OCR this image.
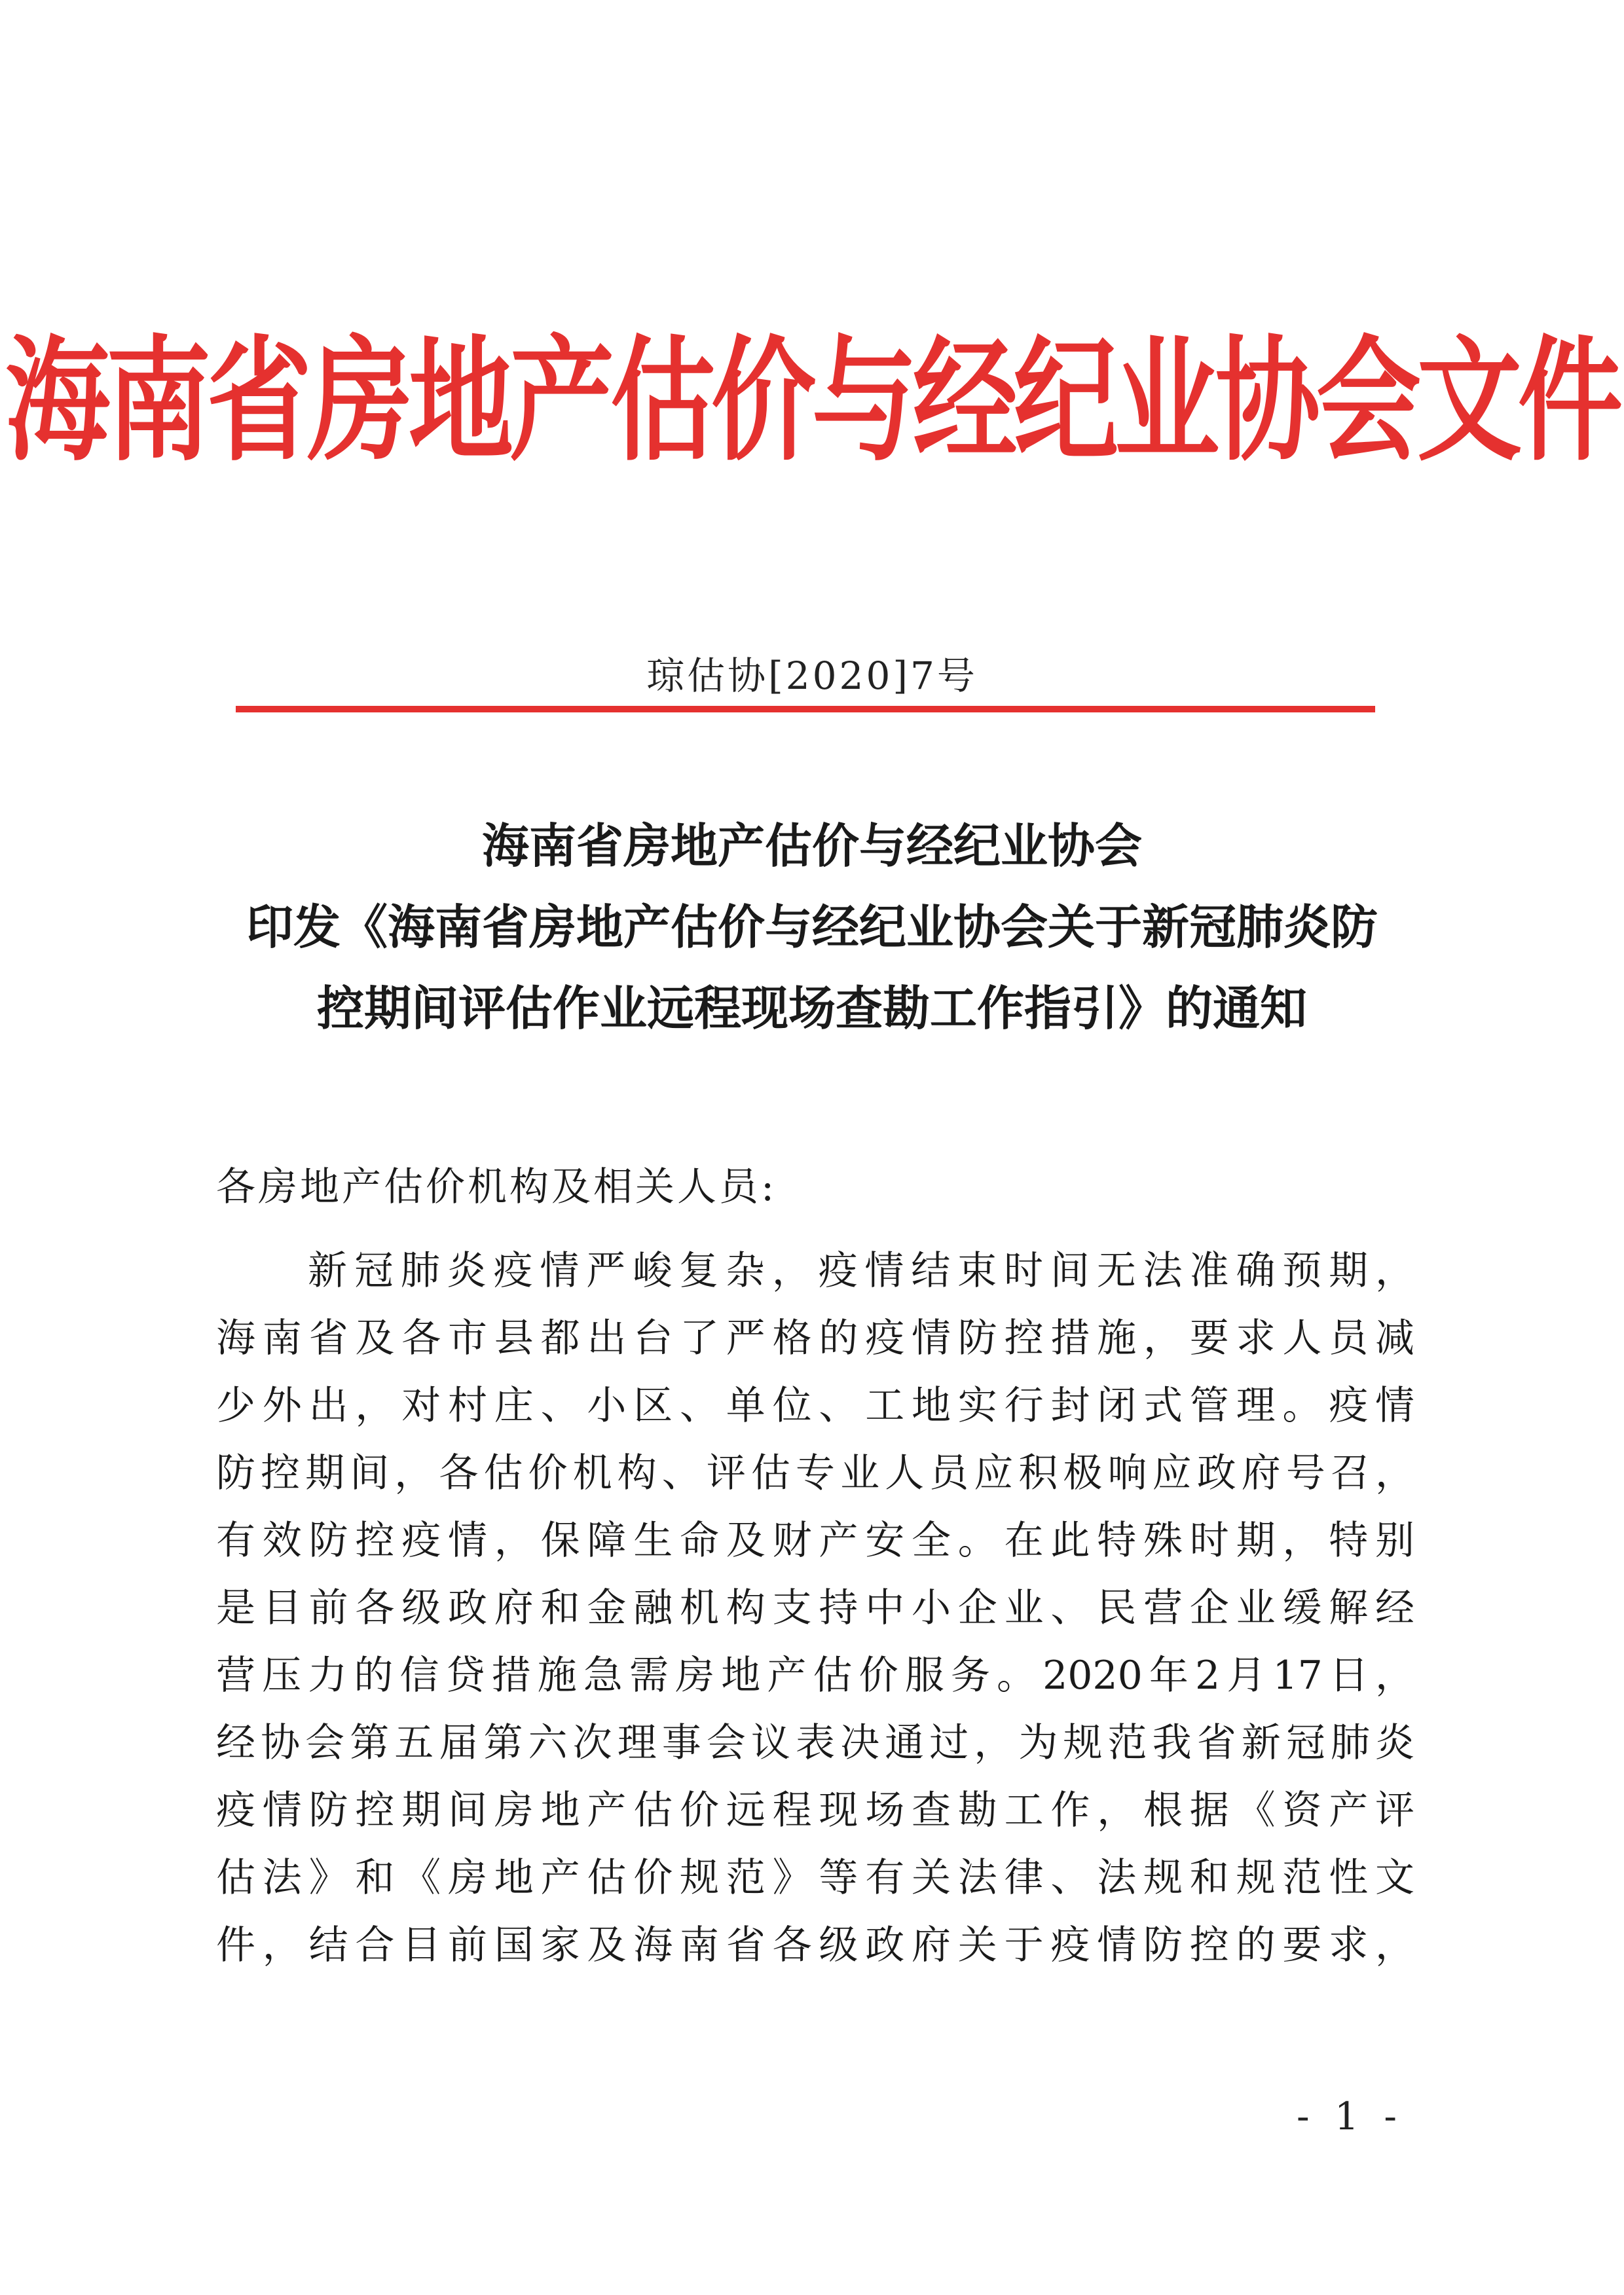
海南省房地产估价与经纪业协会文件
琼估协[2020]7号
海南省房地产估价与经纪业协会
印发《海南省房地产估价与经纪业协会关于新冠肺炎防
控期间评估作业远程现场查勘工作指引》的通知
各房地产估价机构及相关人员:
新冠肺炎疫情严峻复杂，疫情结束时间无法准确预期，
海南省及各市县都出台了严格的疫情防控措施，要求人员减
少外出，对村庄、小区、单位、工地实行封闭式管理。疫情
防控期间，各估价机构、评估专业人员应积极响应政府号召，
有效防控疫情，保障生命及财产安全。在此特殊时期，特别
是目前各级政府和金融机构支持中小企业、民营企业缓解经
营压力的信贷措施急需房地产估价服务。2020年2月17日，
经协会第五届第六次理事会议表决通过，为规范我省新冠肺炎
疫情防控期间房地产估价远程现场查勘工作，根据《资产评
估法》和《房地产估价规范》等有关法律、法规和规范性文
件，结合目前国家及海南省各级政府关于疫情防控的要求，
- 1 -
